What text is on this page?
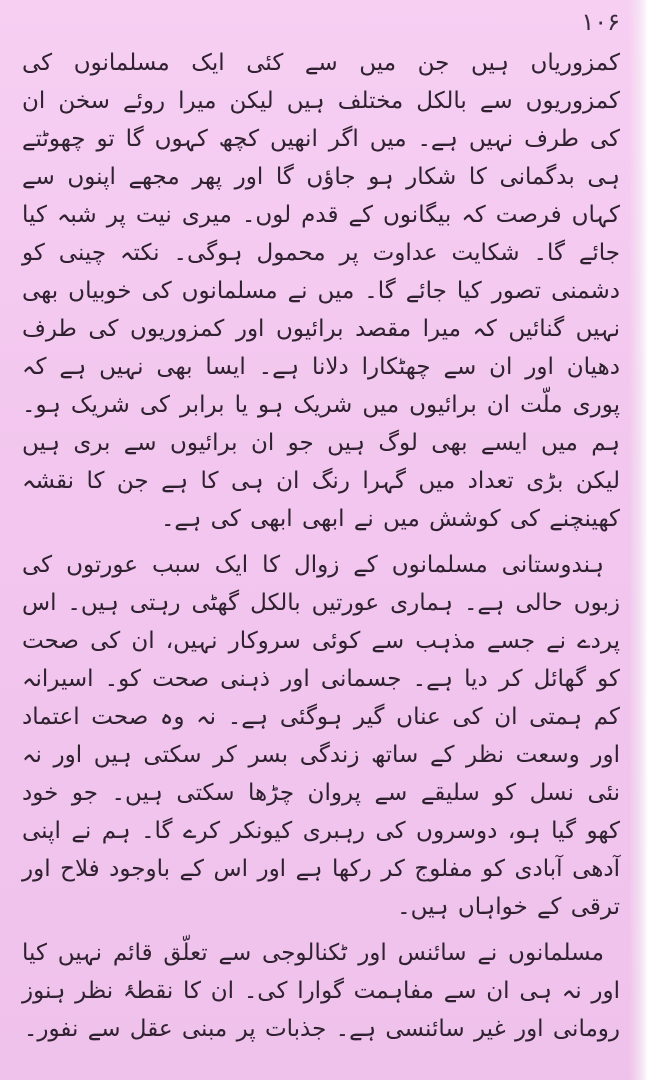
۱۰۶

کمزوریاں ہیں جن میں سے کئی ایک مسلمانوں کی کمزوریوں سے بالکل مختلف ہیں لیکن میرا روئے سخن ان کی طرف نہیں ہے۔ میں اگر انھیں کچھ کہوں گا تو چھوٹتے ہی بدگمانی کا شکار ہو جاؤں گا اور پھر مجھے اپنوں سے کہاں فرصت کہ بیگانوں کے قدم لوں۔ میری نیت پر شبہ کیا جائے گا۔ شکایت عداوت پر محمول ہوگی۔ نکتہ چینی کو دشمنی تصور کیا جائے گا۔ میں نے مسلمانوں کی خوبیاں بھی نہیں گنائیں کہ میرا مقصد برائیوں اور کمزوریوں کی طرف دھیان اور ان سے چھٹکارا دلانا ہے۔ ایسا بھی نہیں ہے کہ پوری ملّت ان برائیوں میں شریک ہو یا برابر کی شریک ہو۔ ہم میں ایسے بھی لوگ ہیں جو ان برائیوں سے بری ہیں لیکن بڑی تعداد میں گہرا رنگ ان ہی کا ہے جن کا نقشہ کھینچنے کی کوشش میں نے ابھی ابھی کی ہے۔

ہندوستانی مسلمانوں کے زوال کا ایک سبب عورتوں کی زبوں حالی ہے۔ ہماری عورتیں بالکل گھٹی رہتی ہیں۔ اس پردے نے جسے مذہب سے کوئی سروکار نہیں، ان کی صحت کو گھائل کر دیا ہے۔ جسمانی اور ذہنی صحت کو۔ اسیرانہ کم ہمتی ان کی عناں گیر ہوگئی ہے۔ نہ وہ صحت اعتماد اور وسعت نظر کے ساتھ زندگی بسر کر سکتی ہیں اور نہ نئی نسل کو سلیقے سے پروان چڑھا سکتی ہیں۔ جو خود کھو گیا ہو، دوسروں کی رہبری کیونکر کرے گا۔ ہم نے اپنی آدھی آبادی کو مفلوج کر رکھا ہے اور اس کے باوجود فلاح اور ترقی کے خواہاں ہیں۔

مسلمانوں نے سائنس اور ٹکنالوجی سے تعلّق قائم نہیں کیا اور نہ ہی ان سے مفاہمت گوارا کی۔ ان کا نقطۂ نظر ہنوز رومانی اور غیر سائنسی ہے۔ جذبات پر مبنی عقل سے نفور۔
